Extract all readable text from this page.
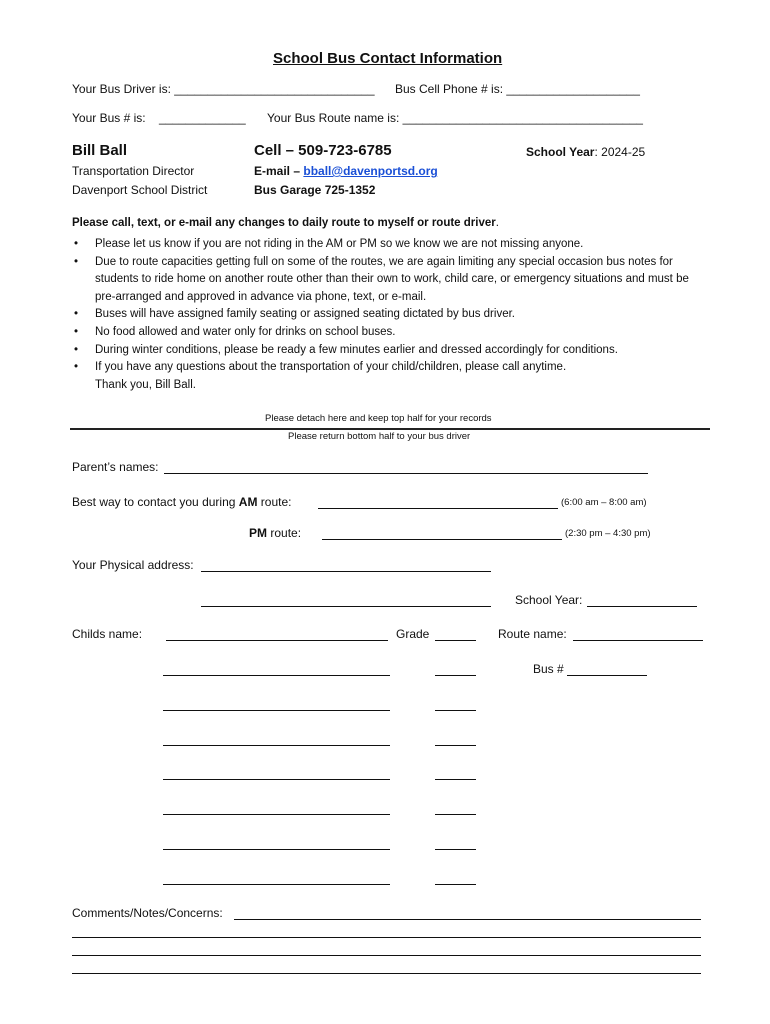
School Bus Contact Information
Your Bus Driver is: ______________________________ Bus Cell Phone # is: ____________________
Your Bus # is: _____________ Your Bus Route name is: ____________________________________
Bill Ball
Transportation Director
Davenport School District
Cell – 509-723-6785
E-mail – bball@davenportsd.org
Bus Garage 725-1352
School Year: 2024-25
Please call, text, or e-mail any changes to daily route to myself or route driver.
• Please let us know if you are not riding in the AM or PM so we know we are not missing anyone.
• Due to route capacities getting full on some of the routes, we are again limiting any special occasion bus notes for students to ride home on another route other than their own to work, child care, or emergency situations and must be pre-arranged and approved in advance via phone, text, or e-mail.
• Buses will have assigned family seating or assigned seating dictated by bus driver.
• No food allowed and water only for drinks on school buses.
• During winter conditions, please be ready a few minutes earlier and dressed accordingly for conditions.
• If you have any questions about the transportation of your child/children, please call anytime.
Thank you, Bill Ball.
Please detach here and keep top half for your records
Please return bottom half to your bus driver
Parent’s names:
Best way to contact you during AM route:	(6:00 am – 8:00 am)
PM route:	(2:30 pm – 4:30 pm)
Your Physical address:
School Year:
Childs name:	Grade	Route name:
Bus #
Comments/Notes/Concerns:
